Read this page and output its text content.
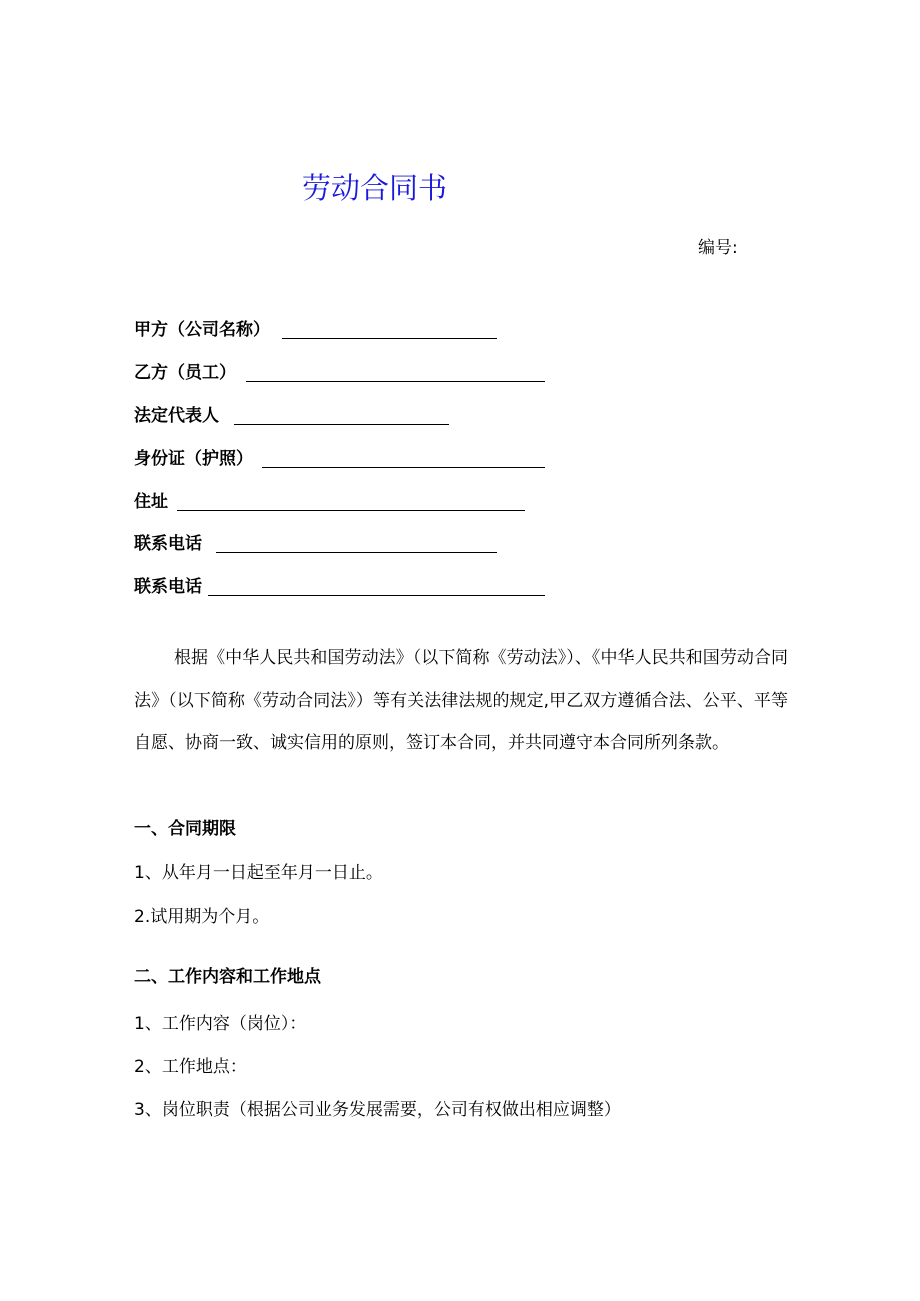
劳动合同书
编号:
甲方（公司名称）
乙方（员工）
法定代表人
身份证（护照）
住址
联系电话
联系电话
根据《中华人民共和国劳动法》（以下简称《劳动法》）、《中华人民共和国劳动合同法》（以下简称《劳动合同法》）等有关法律法规的规定,甲乙双方遵循合法、公平、平等自愿、协商一致、诚实信用的原则，签订本合同，并共同遵守本合同所列条款。
一、合同期限
1、从年月一日起至年月一日止。
2.试用期为个月。
二、工作内容和工作地点
1、工作内容（岗位）：
2、工作地点：
3、岗位职责（根据公司业务发展需要，公司有权做出相应调整）
